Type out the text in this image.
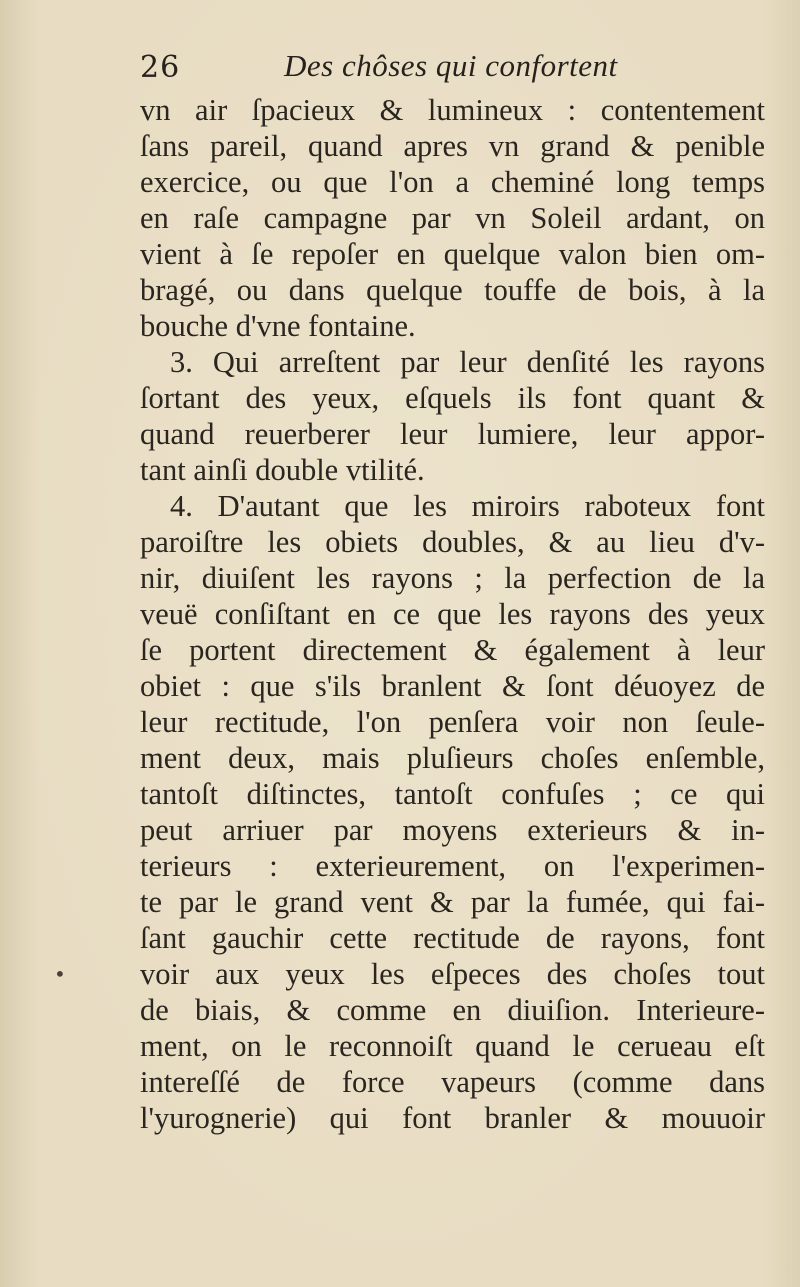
26	Des chôses qui confortent
vn air ſpacieux & lumineux : contentement
ſans pareil, quand apres vn grand & penible
exercice, ou que l'on a cheminé long temps
en raſe campagne par vn Soleil ardant, on
vient à ſe repoſer en quelque valon bien om-
bragé, ou dans quelque touffe de bois, à la
bouche d'vne fontaine.
3. Qui arreſtent par leur denſité les rayons
ſortant des yeux, eſquels ils font quant &
quand reuerberer leur lumiere, leur appor-
tant ainſi double vtilité.
4. D'autant que les miroirs raboteux font
paroiſtre les obiets doubles, & au lieu d'v-
nir, diuiſent les rayons ; la perfection de la
veuë conſiſtant en ce que les rayons des yeux
ſe portent directement & également à leur
obiet : que s'ils branlent & ſont déuoyez de
leur rectitude, l'on penſera voir non ſeule-
ment deux, mais pluſieurs choſes enſemble,
tantoſt diſtinctes, tantoſt confuſes ; ce qui
peut arriuer par moyens exterieurs & in-
terieurs : exterieurement, on l'experimen-
te par le grand vent & par la fumée, qui fai-
ſant gauchir cette rectitude de rayons, font
voir aux yeux les eſpeces des choſes tout
de biais, & comme en diuiſion. Interieure-
ment, on le reconnoiſt quand le cerueau eſt
intereſſé de force vapeurs (comme dans
l'yurognerie) qui font branler & mouuoir
•
